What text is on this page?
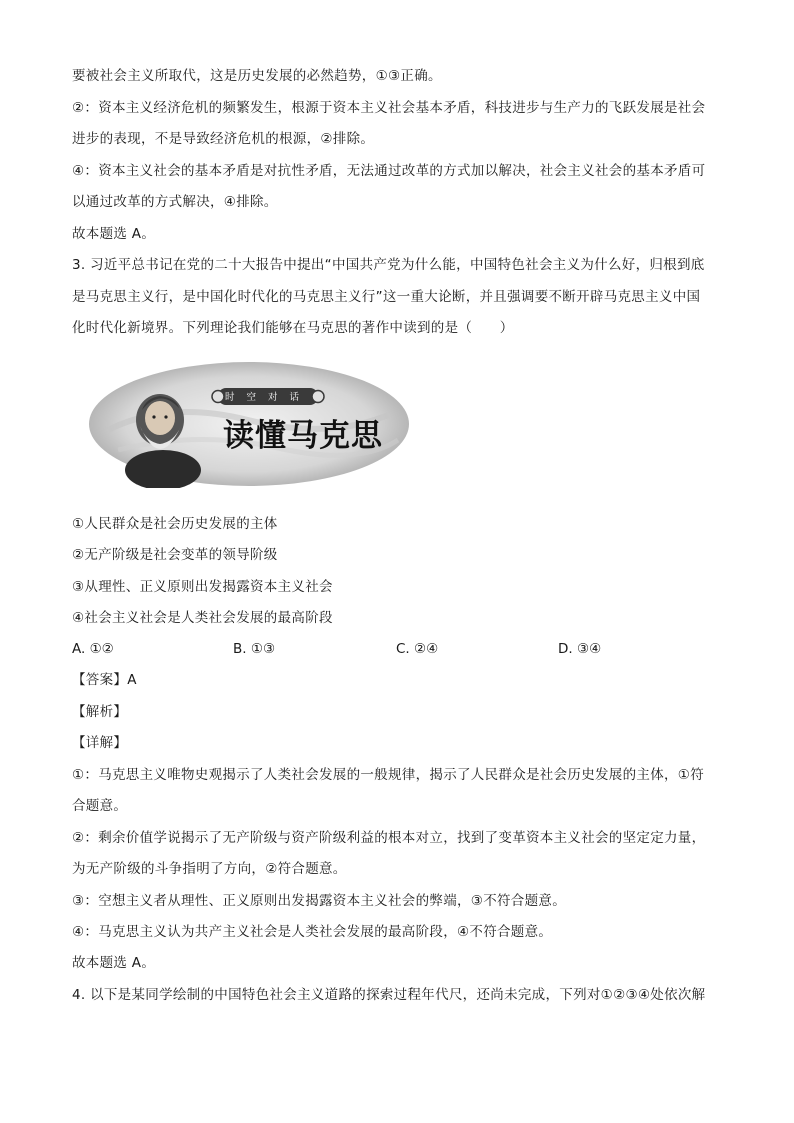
要被社会主义所取代，这是历史发展的必然趋势，①③正确。
②：资本主义经济危机的频繁发生，根源于资本主义社会基本矛盾，科技进步与生产力的飞跃发展是社会
进步的表现，不是导致经济危机的根源，②排除。
④：资本主义社会的基本矛盾是对抗性矛盾，无法通过改革的方式加以解决，社会主义社会的基本矛盾可
以通过改革的方式解决，④排除。
故本题选 A。
3. 习近平总书记在党的二十大报告中提出“中国共产党为什么能，中国特色社会主义为什么好，归根到底
是马克思主义行，是中国化时代化的马克思主义行”这一重大论断，并且强调要不断开辟马克思主义中国
化时代化新境界。下列理论我们能够在马克思的著作中读到的是（　　）
时空对话
读懂马克思
①人民群众是社会历史发展的主体
②无产阶级是社会变革的领导阶级
③从理性、正义原则出发揭露资本主义社会
④社会主义社会是人类社会发展的最高阶段
A. ①②	B. ①③	C. ②④	D. ③④
【答案】A
【解析】
【详解】
①：马克思主义唯物史观揭示了人类社会发展的一般规律，揭示了人民群众是社会历史发展的主体，①符
合题意。
②：剩余价值学说揭示了无产阶级与资产阶级利益的根本对立，找到了变革资本主义社会的坚定定力量，
为无产阶级的斗争指明了方向，②符合题意。
③：空想主义者从理性、正义原则出发揭露资本主义社会的弊端，③不符合题意。
④：马克思主义认为共产主义社会是人类社会发展的最高阶段，④不符合题意。
故本题选 A。
4. 以下是某同学绘制的中国特色社会主义道路的探索过程年代尺，还尚未完成，下列对①②③④处依次解
